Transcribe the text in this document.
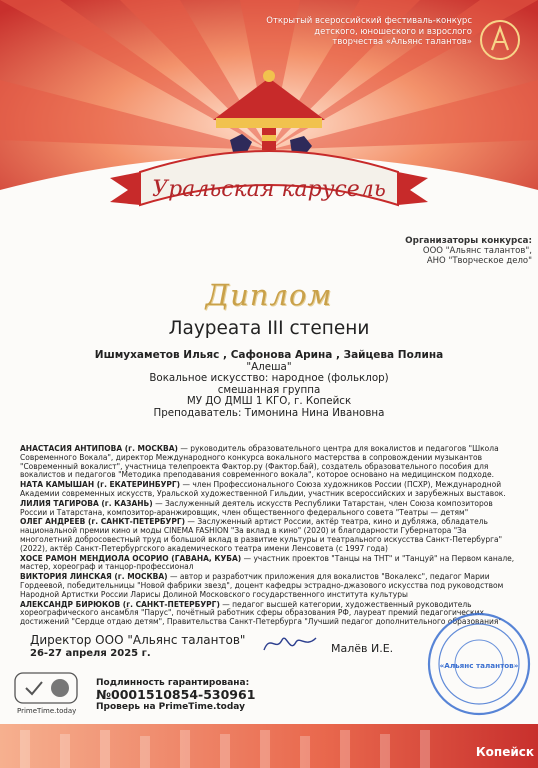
Уральская карусель
Открытый всероссийский фестиваль-конкурс
детского, юношеского и взрослого
творчества «Альянс талантов»
Организаторы конкурса:
ООО "Альянс талантов",
АНО "Творческое дело"
Диплом
Лауреата III степени
Ишмухаметов Ильяс , Сафонова Арина , Зайцева Полина
"Алеша"
Вокальное искусство: народное (фольклор)
смешанная группа
МУ ДО ДМШ 1 КГО, г. Копейск
Преподаватель: Тимонина Нина Ивановна

АНАСТАСИЯ АНТИПОВА (г. МОСКВА) — руководитель образовательного центра для вокалистов и педагогов "Школа Современного Вокала", директор Международного конкурса вокального мастерства в сопровождении музыкантов "Современный вокалист", участница телепроекта Фактор.ру (Фактор.бай), создатель образовательного пособия для вокалистов и педагогов "Методика преподавания современного вокала", которое основано на медицинском подходе.

НАТА КАМЫШАН (г. ЕКАТЕРИНБУРГ) — член Профессионального Союза художников России (ПСХР), Международной Академии современных искусств, Уральской художественной Гильдии, участник всероссийских и зарубежных выставок.

ЛИЛИЯ ТАГИРОВА (г. КАЗАНЬ) — Заслуженный деятель искусств Республики Татарстан, член Союза композиторов России и Татарстана, композитор-аранжировщик, член общественного федерального совета "Театры — детям"

ОЛЕГ АНДРЕЕВ (г. САНКТ-ПЕТЕРБУРГ) — Заслуженный артист России, актёр театра, кино и дубляжа, обладатель национальной премии кино и моды CINEMA FASHION "За вклад в кино" (2020) и благодарности Губернатора "За многолетний добросовестный труд и большой вклад в развитие культуры и театрального искусства Санкт-Петербурга" (2022), актёр Санкт-Петербургского академического театра имени Ленсовета (с 1997 года)

ХОСЕ РАМОН МЕНДИОЛА ОСОРИО (ГАВАНА, КУБА) — участник проектов "Танцы на ТНТ" и "Танцуй" на Первом канале, мастер, хореограф и танцор-профессионал

ВИКТОРИЯ ЛИНСКАЯ (г. МОСКВА) — автор и разработчик приложения для вокалистов "Вокалекс", педагог Марии Гордеевой, победительницы "Новой фабрики звезд", доцент кафедры эстрадно-джазового искусства под руководством Народной Артистки России Ларисы Долиной Московского государственного института культуры

АЛЕКСАНДР БИРЮКОВ (г. САНКТ-ПЕТЕРБУРГ) — педагог высшей категории, художественный руководитель хореографического ансамбля "Парус", почётный работник сферы образования РФ, лауреат премий педагогических достижений "Сердце отдаю детям", Правительства Санкт-Петербурга "Лучший педагог дополнительного образования"

Директор ООО "Альянс талантов"
26-27 апреля 2025 г.	Малёв И.Е.
«Альянс талантов»
PrimeTime.today
Подлинность гарантирована:
№0001510854-530961
Проверь на PrimeTime.today
Копейск
